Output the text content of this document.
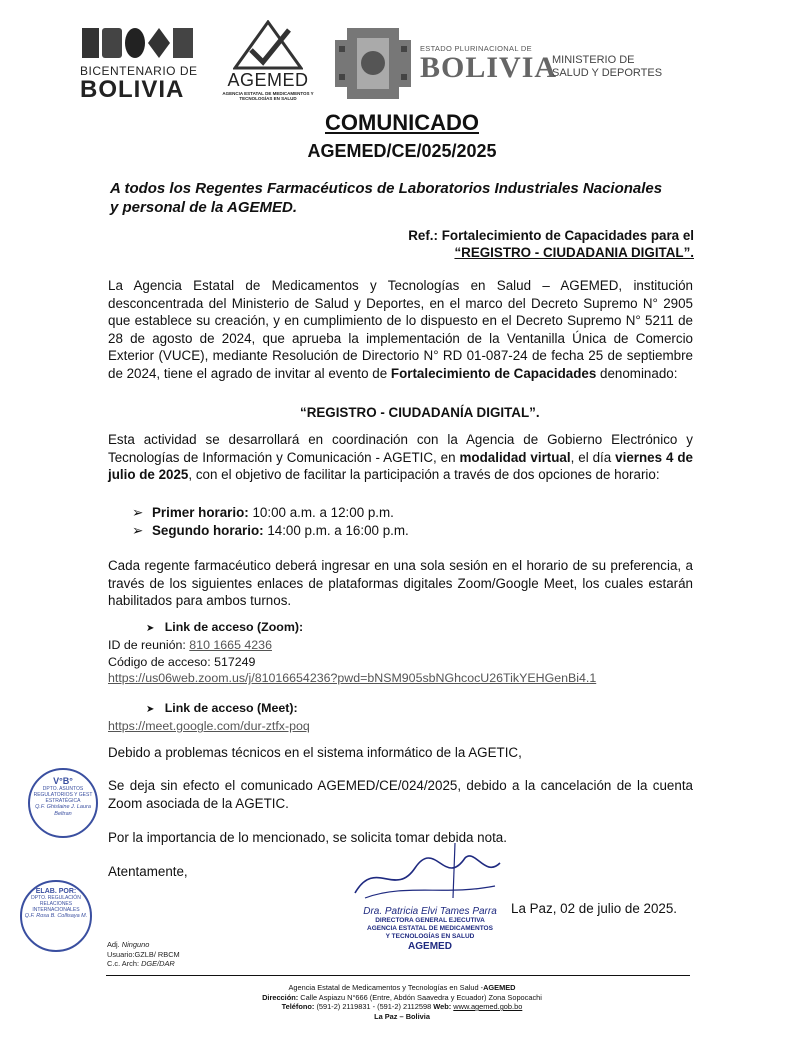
BICENTENARIO DE
BOLIVIA	AGEMED
AGENCIA ESTATAL DE MEDICAMENTOS Y TECNOLOGÍAS EN SALUD
ESTADO PLURINACIONAL DE
BOLIVIA
MINISTERIO DE
SALUD Y DEPORTES
COMUNICADO
AGEMED/CE/025/2025
A todos los Regentes Farmacéuticos de Laboratorios Industriales Nacionales
y personal de la AGEMED.
Ref.: Fortalecimiento de Capacidades para el
“REGISTRO - CIUDADANIA DIGITAL”.
La Agencia Estatal de Medicamentos y Tecnologías en Salud – AGEMED, institución desconcentrada del Ministerio de Salud y Deportes, en el marco del Decreto Supremo N° 2905 que establece su creación, y en cumplimiento de lo dispuesto en el Decreto Supremo N° 5211 de 28 de agosto de 2024, que aprueba la implementación de la Ventanilla Única de Comercio Exterior (VUCE), mediante Resolución de Directorio N° RD 01-087-24 de fecha 25 de septiembre de 2024, tiene el agrado de invitar al evento de Fortalecimiento de Capacidades denominado:
“REGISTRO - CIUDADANÍA DIGITAL”.
Esta actividad se desarrollará en coordinación con la Agencia de Gobierno Electrónico y Tecnologías de Información y Comunicación - AGETIC, en modalidad virtual, el día viernes 4 de julio de 2025, con el objetivo de facilitar la participación a través de dos opciones de horario:
➢ Primer horario: 10:00 a.m. a 12:00 p.m.
➢ Segundo horario: 14:00 p.m. a 16:00 p.m.
Cada regente farmacéutico deberá ingresar en una sola sesión en el horario de su preferencia, a través de los siguientes enlaces de plataformas digitales Zoom/Google Meet, los cuales estarán habilitados para ambos turnos.
➤ Link de acceso (Zoom):
ID de reunión: 810 1665 4236
Código de acceso: 517249
https://us06web.zoom.us/j/81016654236?pwd=bNSM905sbNGhcocU26TikYEHGenBi4.1
➤ Link de acceso (Meet):
https://meet.google.com/dur-ztfx-poq
Debido a problemas técnicos en el sistema informático de la AGETIC,
Se deja sin efecto el comunicado AGEMED/CE/024/2025, debido a la cancelación de la cuenta Zoom asociada de la AGETIC.
Por la importancia de lo mencionado, se solicita tomar debida nota.
Atentamente,
La Paz, 02 de julio de 2025.
Dra. Patricia Elvi Tames Parra
DIRECTORA GENERAL EJECUTIVA
AGENCIA ESTATAL DE MEDICAMENTOS
Y TECNOLOGÍAS EN SALUD
AGEMED
V°B°
DPTO. ASUNTOS REGULATORIOS Y GEST ESTRATÉGICA
Q.F. Ghislaine J. Laura Beltran
ELAB. POR:
DPTO. REGULACIÓN RELACIONES INTERNACIONALES
Q.F. Rosa B. Collisaya M.
Adj. Ninguno
Usuario:GZLB/ RBCM
C.c. Arch: DGE/DAR
Agencia Estatal de Medicamentos y Tecnologías en Salud -AGEMED
Dirección: Calle Aspiazu N°666 (Entre, Abdón Saavedra y Ecuador) Zona Sopocachi
Teléfono: (591-2) 2119831 - (591-2) 2112598 Web: www.agemed.gob.bo
La Paz – Bolivia
